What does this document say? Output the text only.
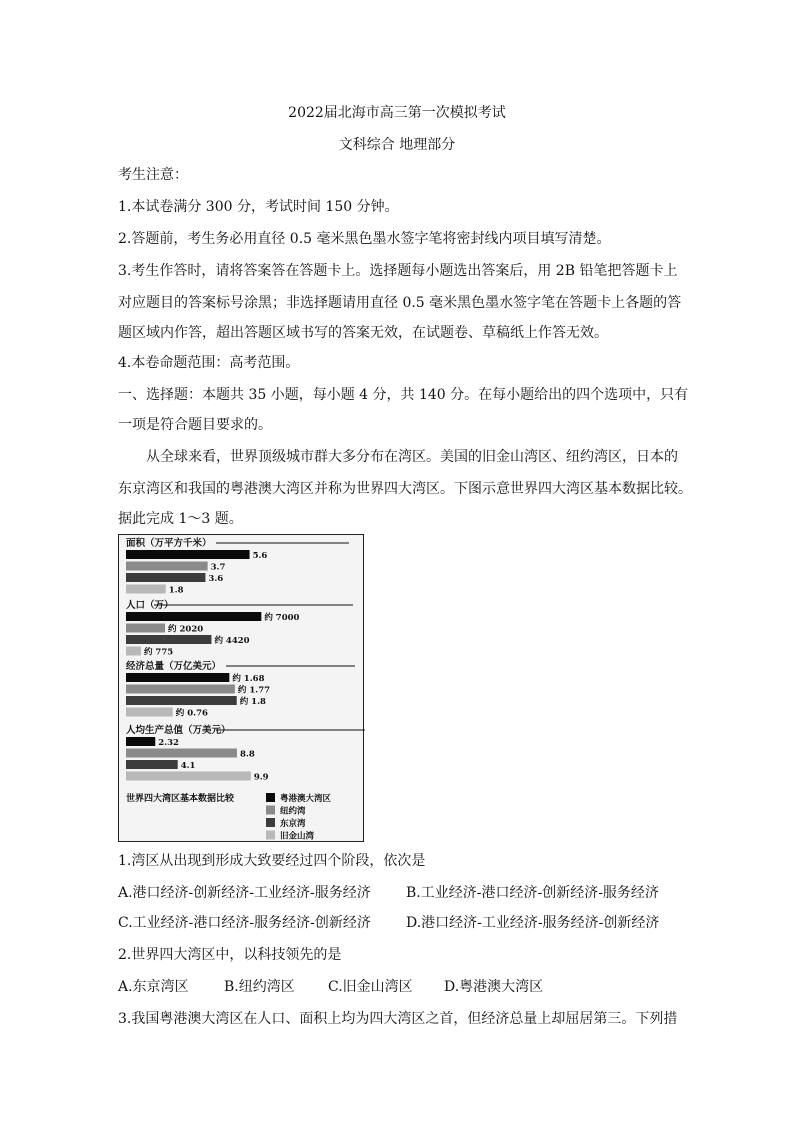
2022届北海市高三第一次模拟考试
文科综合 地理部分
考生注意：
1.本试卷满分 300 分，考试时间 150 分钟。
2.答题前，考生务必用直径 0.5 毫米黑色墨水签字笔将密封线内项目填写清楚。
3.考生作答时，请将答案答在答题卡上。选择题每小题选出答案后，用 2B 铅笔把答题卡上
对应题目的答案标号涂黑；非选择题请用直径 0.5 毫米黑色墨水签字笔在答题卡上各题的答
题区域内作答，超出答题区域书写的答案无效，在试题卷、草稿纸上作答无效。
4.本卷命题范围：高考范围。
一、选择题：本题共 35 小题，每小题 4 分，共 140 分。在每小题给出的四个选项中，只有
一项是符合题目要求的。
从全球来看，世界顶级城市群大多分布在湾区。美国的旧金山湾区、纽约湾区，日本的
东京湾区和我国的粤港澳大湾区并称为世界四大湾区。下图示意世界四大湾区基本数据比较。
据此完成 1～3 题。
面积（万平方千米）
5.6
3.7
3.6
1.8
人口（万）
约 7000
约 2020
约 4420
约 775
经济总量（万亿美元）
约 1.68
约 1.77
约 1.8
约 0.76
人均生产总值（万美元）
2.32
8.8
4.1
9.9
世界四大湾区基本数据比较	粤港澳大湾区
纽约湾
东京湾
旧金山湾
1.湾区从出现到形成大致要经过四个阶段，依次是
A.港口经济-创新经济-工业经济-服务经济	B.工业经济-港口经济-创新经济-服务经济
C.工业经济-港口经济-服务经济-创新经济	D.港口经济-工业经济-服务经济-创新经济
2.世界四大湾区中，以科技领先的是
A.东京湾区	B.纽约湾区 C.旧金山湾区 D.粤港澳大湾区
3.我国粤港澳大湾区在人口、面积上均为四大湾区之首，但经济总量上却屈居第三。下列措
